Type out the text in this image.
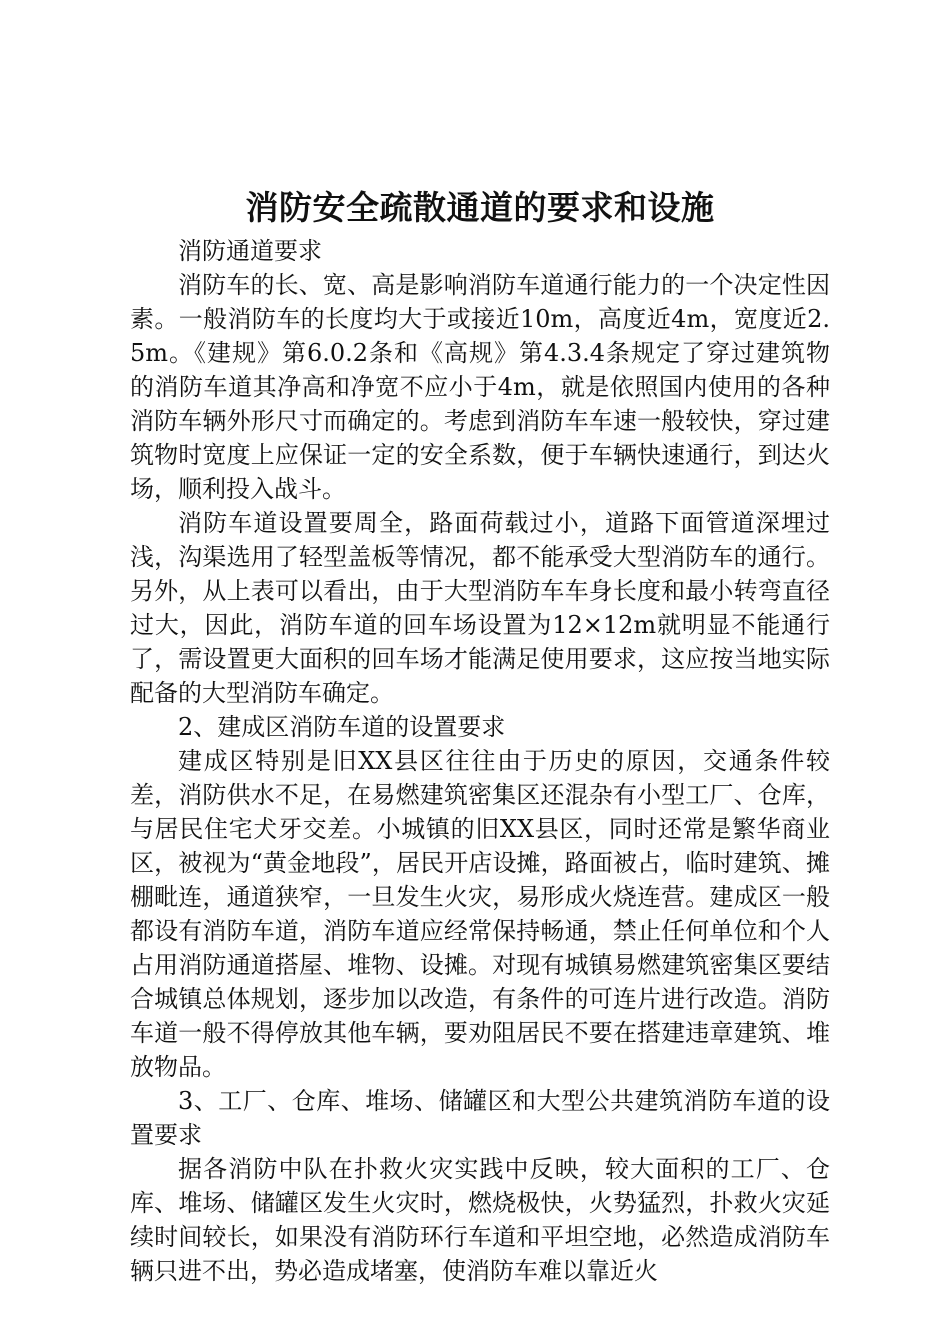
消防安全疏散通道的要求和设施

消防通道要求

消防车的长、宽、高是影响消防车道通行能力的一个决定性因素。一般消防车的长度均大于或接近10m，高度近4m，宽度近2.5m。《建规》第6.0.2条和《高规》第4.3.4条规定了穿过建筑物的消防车道其净高和净宽不应小于4m，就是依照国内使用的各种消防车辆外形尺寸而确定的。考虑到消防车车速一般较快，穿过建筑物时宽度上应保证一定的安全系数，便于车辆快速通行，到达火场，顺利投入战斗。

消防车道设置要周全，路面荷载过小，道路下面管道深埋过浅，沟渠选用了轻型盖板等情况，都不能承受大型消防车的通行。另外，从上表可以看出，由于大型消防车车身长度和最小转弯直径过大，因此，消防车道的回车场设置为12×12m就明显不能通行了，需设置更大面积的回车场才能满足使用要求，这应按当地实际配备的大型消防车确定。

2、建成区消防车道的设置要求

建成区特别是旧XX县区往往由于历史的原因，交通条件较差，消防供水不足，在易燃建筑密集区还混杂有小型工厂、仓库，与居民住宅犬牙交差。小城镇的旧XX县区，同时还常是繁华商业区，被视为“黄金地段”，居民开店设摊，路面被占，临时建筑、摊棚毗连，通道狭窄，一旦发生火灾，易形成火烧连营。建成区一般都设有消防车道，消防车道应经常保持畅通，禁止任何单位和个人占用消防通道搭屋、堆物、设摊。对现有城镇易燃建筑密集区要结合城镇总体规划，逐步加以改造，有条件的可连片进行改造。消防车道一般不得停放其他车辆，要劝阻居民不要在搭建违章建筑、堆放物品。

3、工厂、仓库、堆场、储罐区和大型公共建筑消防车道的设置要求

据各消防中队在扑救火灾实践中反映，较大面积的工厂、仓库、堆场、储罐区发生火灾时，燃烧极快，火势猛烈，扑救火灾延续时间较长，如果没有消防环行车道和平坦空地，必然造成消防车辆只进不出，势必造成堵塞，使消防车难以靠近火
